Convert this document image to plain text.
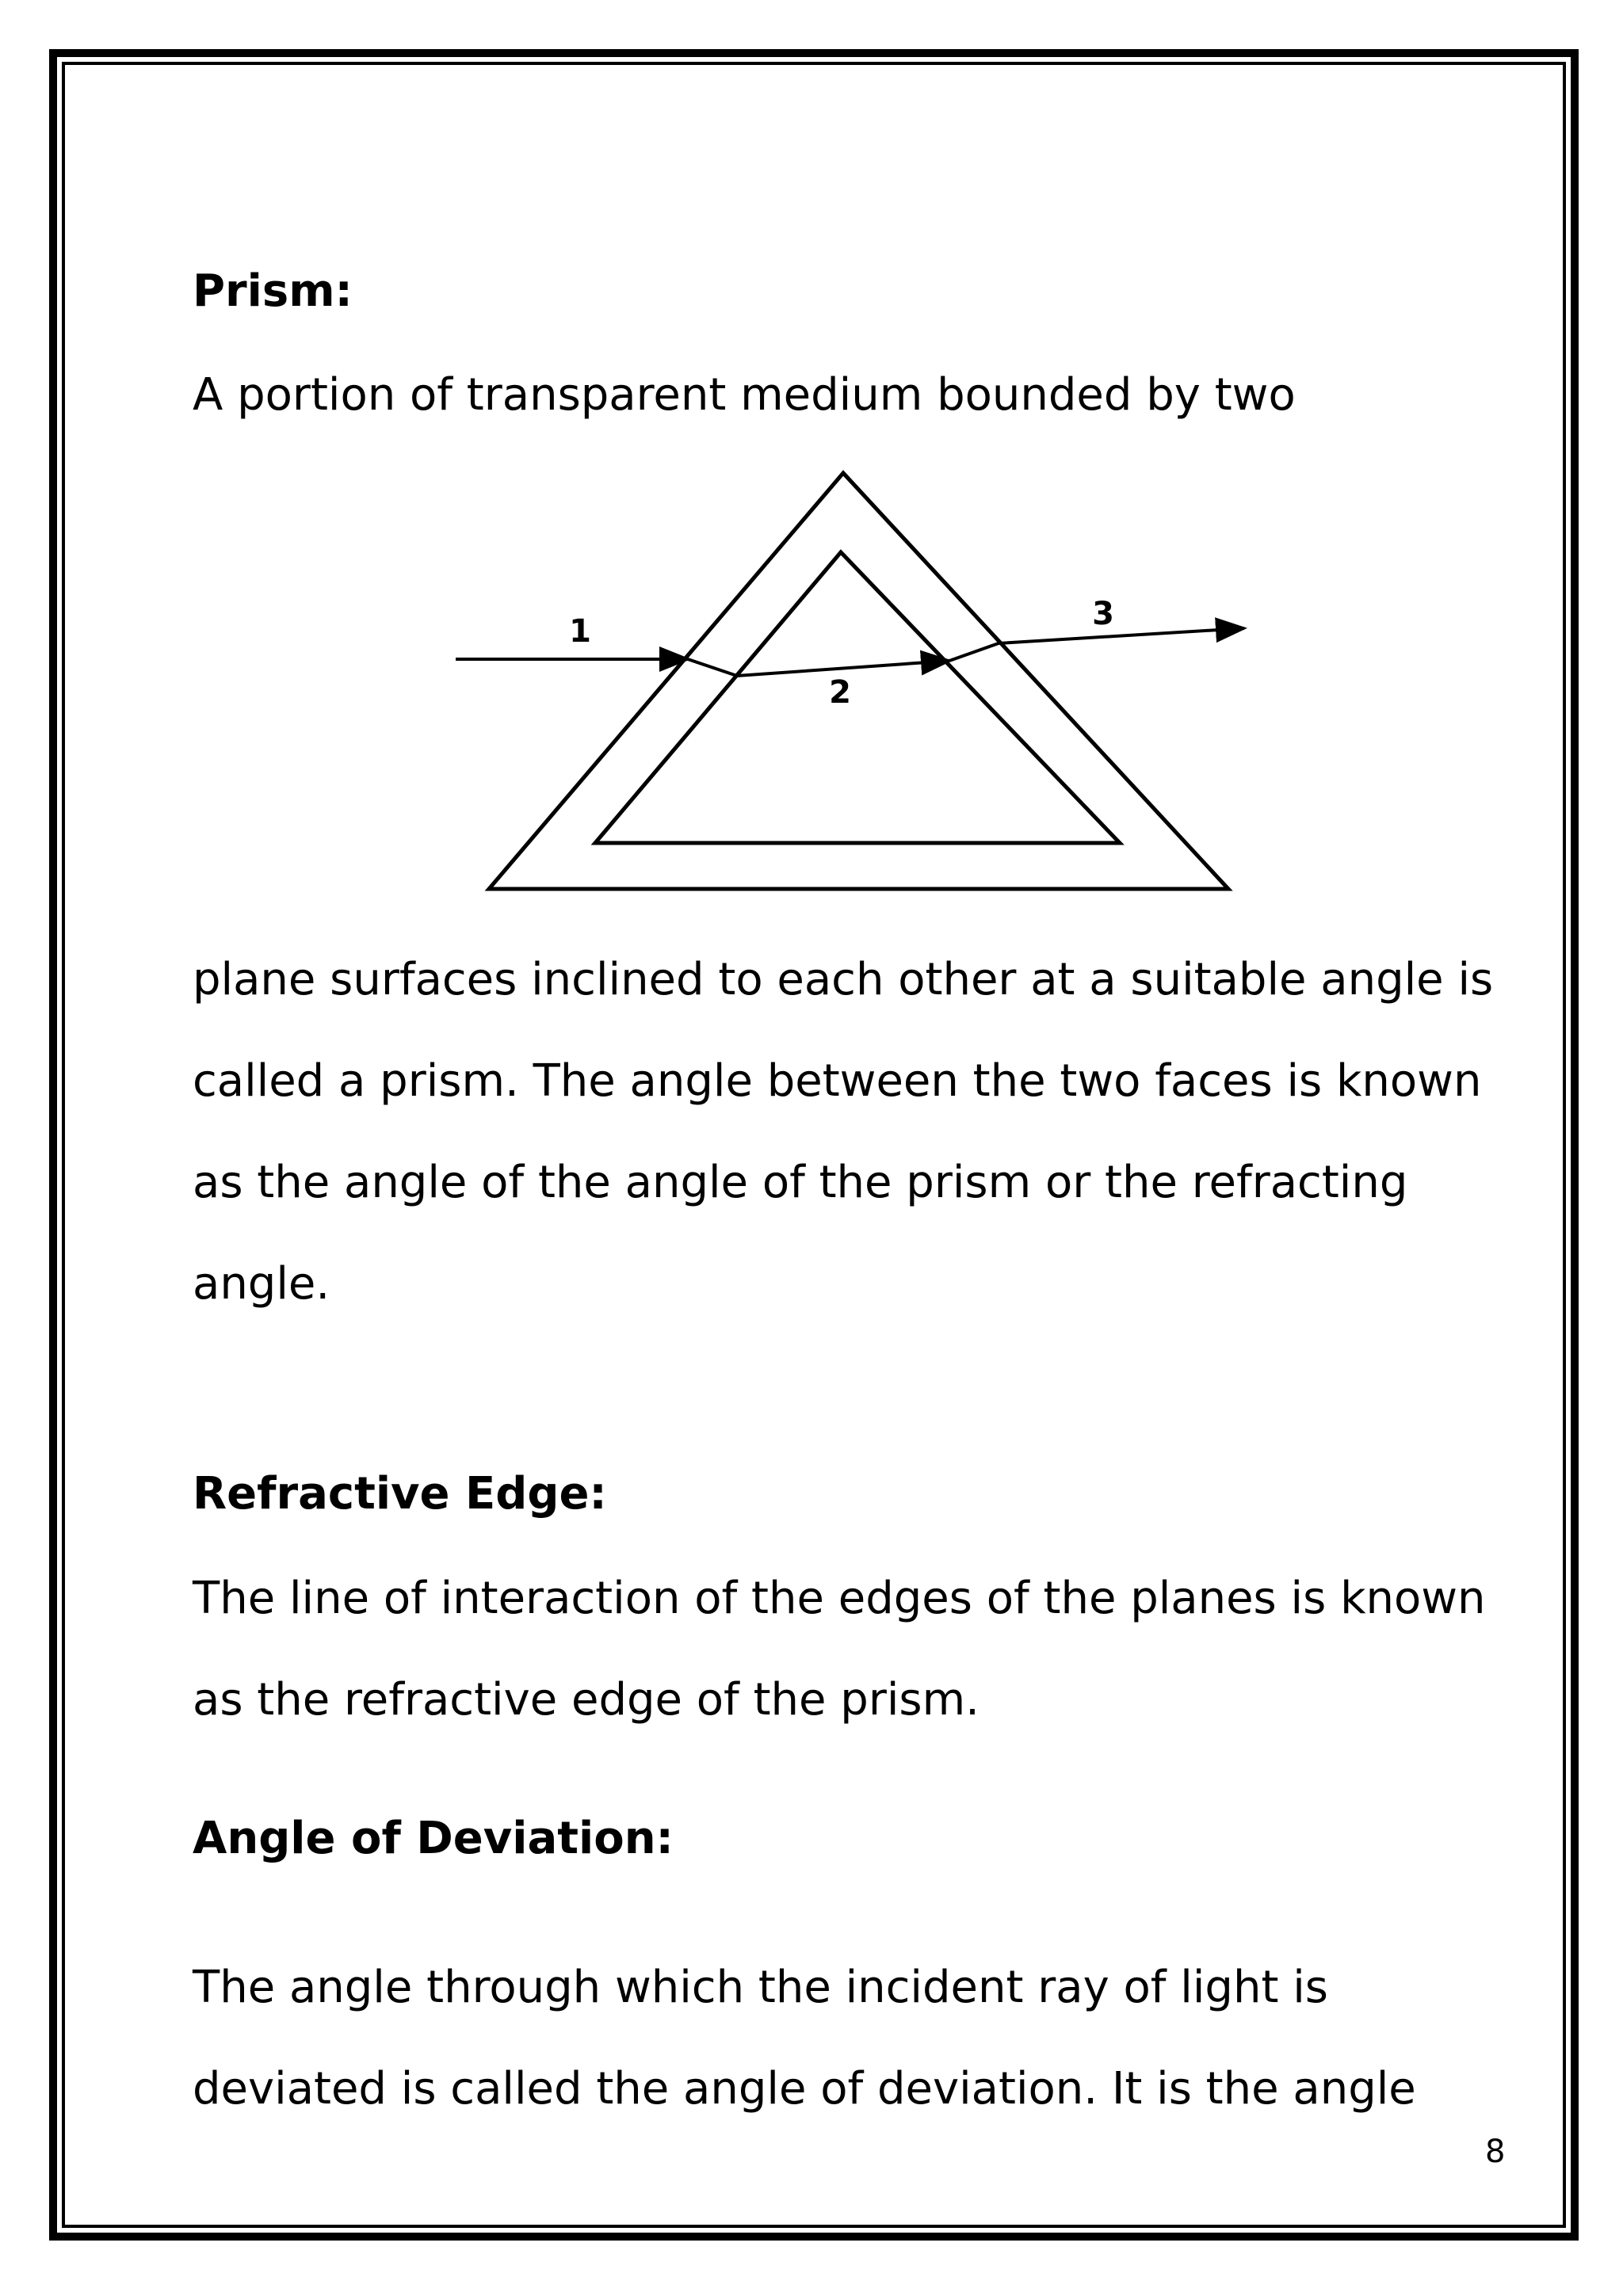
Prism:

A portion of transparent medium bounded by two

1
2
3

plane surfaces inclined to each other at a suitable angle is
called a prism. The angle between the two faces is known
as the angle of the angle of the prism or the refracting
angle.

Refractive Edge:

The line of interaction of the edges of the planes is known
as the refractive edge of the prism.

Angle of Deviation:

The angle through which the incident ray of light is
deviated is called the angle of deviation. It is the angle

8
